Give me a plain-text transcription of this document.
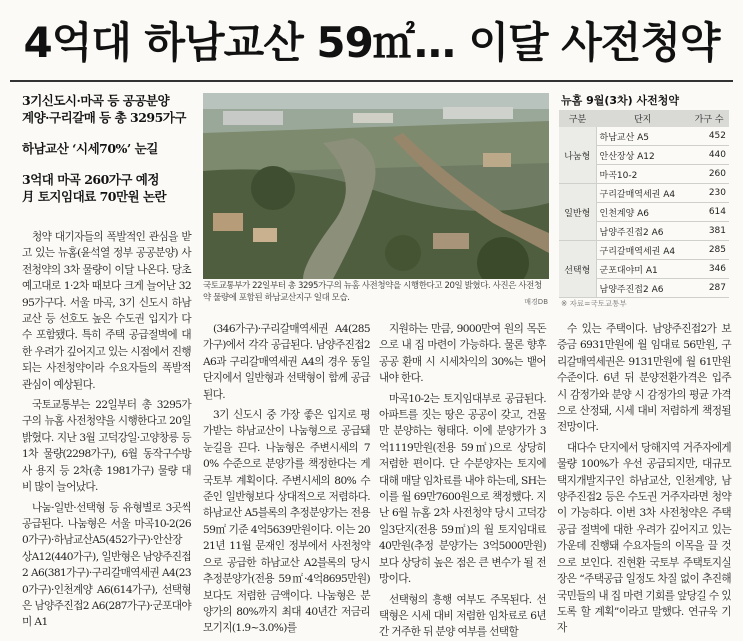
4억대 하남교산 59㎡… 이달 사전청약
3기신도시·마곡 등 공공분양
계양·구리갈매 등 총 3295가구
하남교산 ‘시세70%’ 눈길
3억대 마곡 260가구 예정
月 토지임대료 70만원 논란
국토교통부가 22일부터 총 3295가구의 뉴홈 사전청약을 시행한다고 20일 밝혔다. 사진은 사전청약 물량에 포함된 하남교산지구 일대 모습.	매경DB
뉴홈 9월(3차) 사전청약
구분	단지	가구 수
나눔형	하남교산 A5	452
	안산장상 A12	440
	마곡10-2	260
일반형	구리갈매역세권 A4	230
	인천계양 A6	614
	남양주진접2 A6	381
선택형	구리갈매역세권 A4	285
	군포대야미 A1	346
	남양주진접2 A6	287
※ 자료=국토교통부

청약 대기자들의 폭발적인 관심을 받고 있는 뉴홈(윤석열 정부 공공분양) 사전청약의 3차 물량이 이달 나온다. 당초 예고대로 1·2차 때보다 크게 늘어난 3295가구다. 서울 마곡, 3기 신도시 하남교산 등 선호도 높은 수도권 입지가 다수 포함됐다. 특히 주택 공급절벽에 대한 우려가 깊어지고 있는 시점에서 진행되는 사전청약이라 수요자들의 폭발적 관심이 예상된다.

국토교통부는 22일부터 총 3295가구의 뉴홈 사전청약을 시행한다고 20일 밝혔다. 지난 3월 고덕강일·고양창릉 등 1차 물량(2298가구), 6월 동작구수방사 용지 등 2차(총 1981가구) 물량 대비 많이 늘어났다.

나눔·일반·선택형 등 유형별로 3곳씩 공급된다. 나눔형은 서울 마곡10-2(260가구)·하남교산A5(452가구)·안산장상A12(440가구), 일반형은 남양주진접2 A6(381가구)·구리갈매역세권 A4(230가구)·인천계양 A6(614가구), 선택형은 남양주진접2 A6(287가구)·군포대야미 A1

(346가구)·구리갈매역세권 A4(285가구)에서 각각 공급된다. 남양주진접2 A6과 구리갈매역세권 A4의 경우 동일 단지에서 일반형과 선택형이 함께 공급된다.

3기 신도시 중 가장 좋은 입지로 평가받는 하남교산이 나눔형으로 공급돼 눈길을 끈다. 나눔형은 주변시세의 70% 수준으로 분양가를 책정한다는 게 국토부 계획이다. 주변시세의 80% 수준인 일반형보다 상대적으로 저렴하다. 하남교산 A5블록의 추정분양가는 전용 59㎡ 기준 4억5639만원이다. 이는 2021년 11월 문재인 정부에서 사전청약으로 공급한 하남교산 A2블록의 당시 추정분양가(전용 59㎡·4억8695만원)보다도 저렴한 금액이다. 나눔형은 분양가의 80%까지 최대 40년간 저금리 모기지(1.9~3.0%)를

지원하는 만큼, 9000만여 원의 목돈으로 내 집 마련이 가능하다. 물론 향후 공공 환매 시 시세차익의 30%는 뱉어내야 한다.

마곡10-2는 토지임대부로 공급된다. 아파트를 짓는 땅은 공공이 갖고, 건물만 분양하는 형태다. 이에 분양가가 3억1119만원(전용 59㎡)으로 상당히 저렴한 편이다. 단 수분양자는 토지에 대해 매달 임차료를 내야 하는데, SH는 이를 월 69만7600원으로 책정했다. 지난 6월 뉴홈 2차 사전청약 당시 고덕강일3단지(전용 59㎡)의 월 토지임대료 40만원(추정 분양가는 3억5000만원)보다 상당히 높은 점은 큰 변수가 될 전망이다.

선택형의 흥행 여부도 주목된다. 선택형은 시세 대비 저렴한 임차료로 6년간 거주한 뒤 분양 여부를 선택할

수 있는 주택이다. 남양주진접2가 보증금 6931만원에 월 임대료 56만원, 구리갈매역세권은 9131만원에 월 61만원 수준이다. 6년 뒤 분양전환가격은 입주 시 감정가와 분양 시 감정가의 평균 가격으로 산정돼, 시세 대비 저렴하게 책정될 전망이다.

대다수 단지에서 당해지역 거주자에게 물량 100%가 우선 공급되지만, 대규모 택지개발지구인 하남교산, 인천계양, 남양주진접2 등은 수도권 거주자라면 청약이 가능하다. 이번 3차 사전청약은 주택공급 절벽에 대한 우려가 깊어지고 있는 가운데 진행돼 수요자들의 이목을 끌 것으로 보인다. 진현환 국토부 주택토지실장은 “주택공급 일정도 차질 없이 추진해 국민들의 내 집 마련 기회를 앞당길 수 있도록 할 계획”이라고 말했다. 연규욱 기자
